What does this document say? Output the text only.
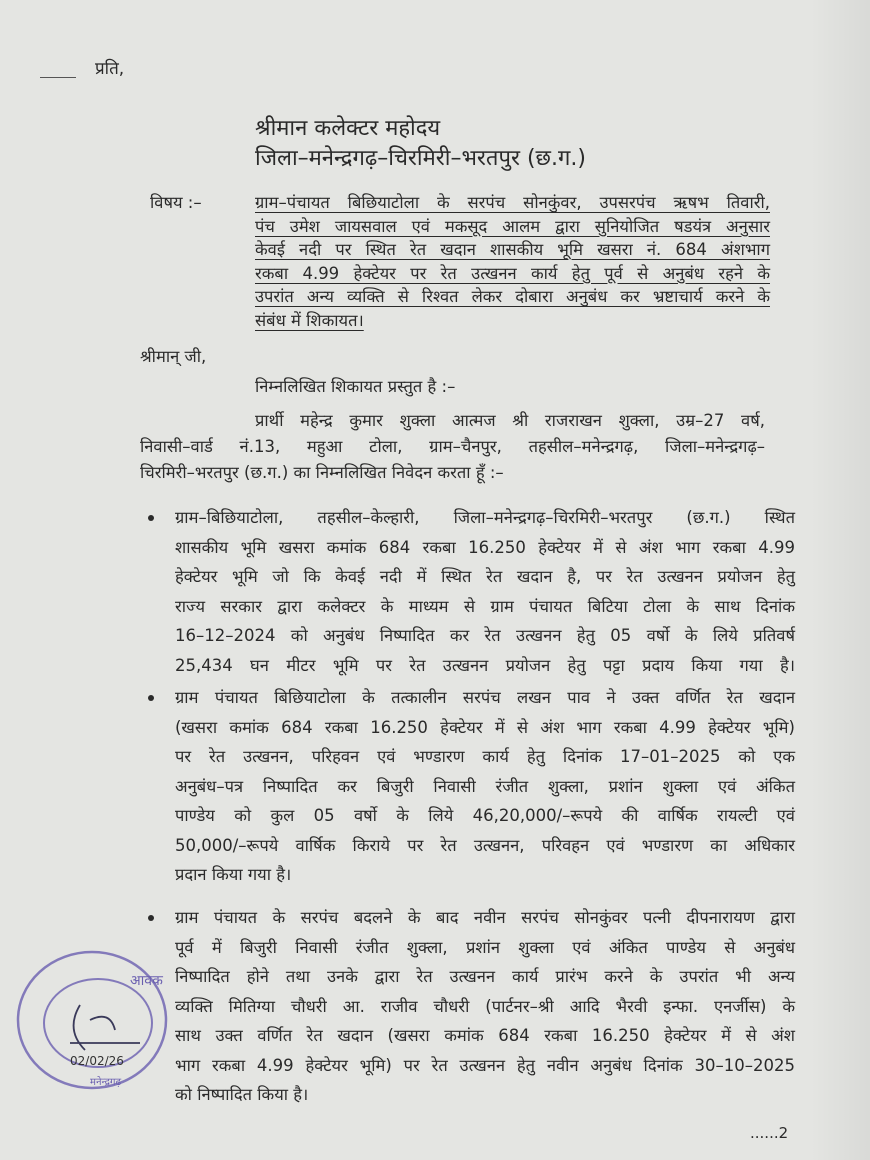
प्रति,
श्रीमान कलेक्टर महोदय
जिला–मनेन्द्रगढ़–चिरमिरी–भरतपुर (छ.ग.)
विषय :–	ग्राम–पंचायत बिछियाटोला के सरपंच सोनकुंवर, उपसरपंच ऋषभ तिवारी,
पंच उमेश जायसवाल एवं मकसूद आलम द्वारा सुनियोजित षडयंत्र अनुसार
केवई नदी पर स्थित रेत खदान शासकीय भूमि खसरा नं. 684 अंशभाग
रकबा 4.99 हेक्टेयर पर रेत उत्खनन कार्य हेतु पूर्व से अनुबंध रहने के
उपरांत अन्य व्यक्ति से रिश्वत लेकर दोबारा अनुबंध कर भ्रष्टाचार्य करने के
संबंध में शिकायत।
श्रीमान् जी,
निम्नलिखित शिकायत प्रस्तुत है :–
प्रार्थी महेन्द्र कुमार शुक्ला आत्मज श्री राजराखन शुक्ला, उम्र–27 वर्ष,
निवासी–वार्ड नं.13, महुआ टोला, ग्राम–चैनपुर, तहसील–मनेन्द्रगढ़, जिला–मनेन्द्रगढ़–
चिरमिरी–भरतपुर (छ.ग.) का निम्नलिखित निवेदन करता हूँ :–
ग्राम–बिछियाटोला, तहसील–केल्हारी, जिला–मनेन्द्रगढ़–चिरमिरी–भरतपुर (छ.ग.) स्थित
शासकीय भूमि खसरा कमांक 684 रकबा 16.250 हेक्टेयर में से अंश भाग रकबा 4.99
हेक्टेयर भूमि जो कि केवई नदी में स्थित रेत खदान है, पर रेत उत्खनन प्रयोजन हेतु
राज्य सरकार द्वारा कलेक्टर के माध्यम से ग्राम पंचायत बिटिया टोला के साथ दिनांक
16–12–2024 को अनुबंध निष्पादित कर रेत उत्खनन हेतु 05 वर्षो के लिये प्रतिवर्ष
25,434 घन मीटर भूमि पर रेत उत्खनन प्रयोजन हेतु पट्टा प्रदाय किया गया है।
ग्राम पंचायत बिछियाटोला के तत्कालीन सरपंच लखन पाव ने उक्त वर्णित रेत खदान
(खसरा कमांक 684 रकबा 16.250 हेक्टेयर में से अंश भाग रकबा 4.99 हेक्टेयर भूमि)
पर रेत उत्खनन, परिहवन एवं भण्डारण कार्य हेतु दिनांक 17–01–2025 को एक
अनुबंध–पत्र निष्पादित कर बिजुरी निवासी रंजीत शुक्ला, प्रशांन शुक्ला एवं अंकित
पाण्डेय को कुल 05 वर्षो के लिये 46,20,000/–रूपये की वार्षिक रायल्टी एवं
50,000/–रूपये वार्षिक किराये पर रेत उत्खनन, परिवहन एवं भण्डारण का अधिकार
प्रदान किया गया है।
ग्राम पंचायत के सरपंच बदलने के बाद नवीन सरपंच सोनकुंवर पत्नी दीपनारायण द्वारा
पूर्व में बिजुरी निवासी रंजीत शुक्ला, प्रशांन शुक्ला एवं अंकित पाण्डेय से अनुबंध
निष्पादित होने तथा उनके द्वारा रेत उत्खनन कार्य प्रारंभ करने के उपरांत भी अन्य
व्यक्ति मितिग्या चौधरी आ. राजीव चौधरी (पार्टनर–श्री आदि भैरवी इन्फा. एनर्जीस) के
साथ उक्त वर्णित रेत खदान (खसरा कमांक 684 रकबा 16.250 हेक्टेयर में से अंश
भाग रकबा 4.99 हेक्टेयर भूमि) पर रेत उत्खनन हेतु नवीन अनुबंध दिनांक 30–10–2025
को निष्पादित किया है।
आवक
02/02/26
मनेन्द्रगढ़
......2
